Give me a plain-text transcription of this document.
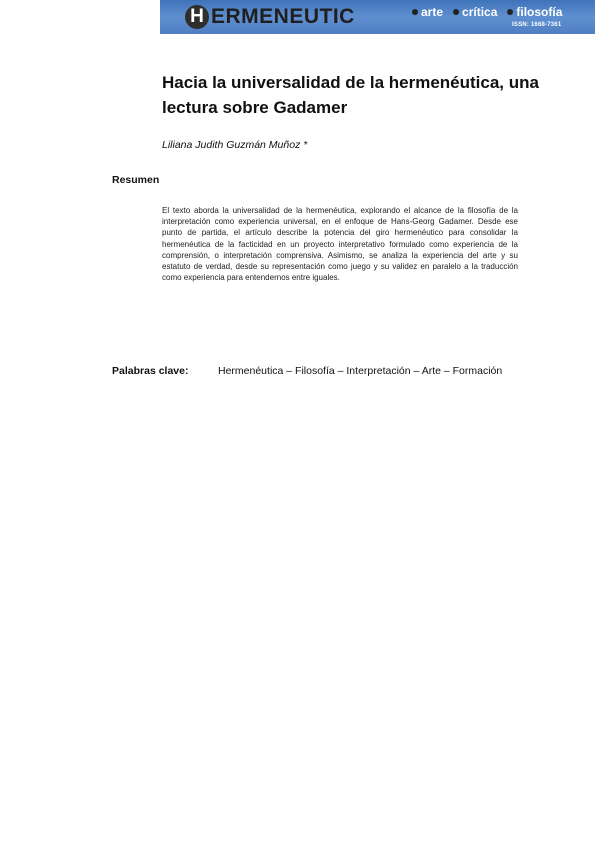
H ERMENEUTIC	arte crítica filosofía
ISSN: 1668-7361
Hacia la universalidad de la hermenéutica, una lectura sobre Gadamer
Liliana Judith Guzmán Muñoz *
Resumen

El texto aborda la universalidad de la hermenéutica, explorando el alcance de la filosofía de la interpretación como experiencia universal, en el enfoque de Hans-Georg Gadamer. Desde ese punto de partida, el artículo describe la potencia del giro hermenéutico para consolidar la hermenéutica de la facticidad en un proyecto interpretativo formulado como experiencia de la comprensión, o interpretación comprensiva. Asimismo, se analiza la experiencia del arte y su estatuto de verdad, desde su representación como juego y su validez en paralelo a la traducción como experiencia para entendernos entre iguales.

Palabras clave:	Hermenéutica – Filosofía – Interpretación – Arte – Formación
